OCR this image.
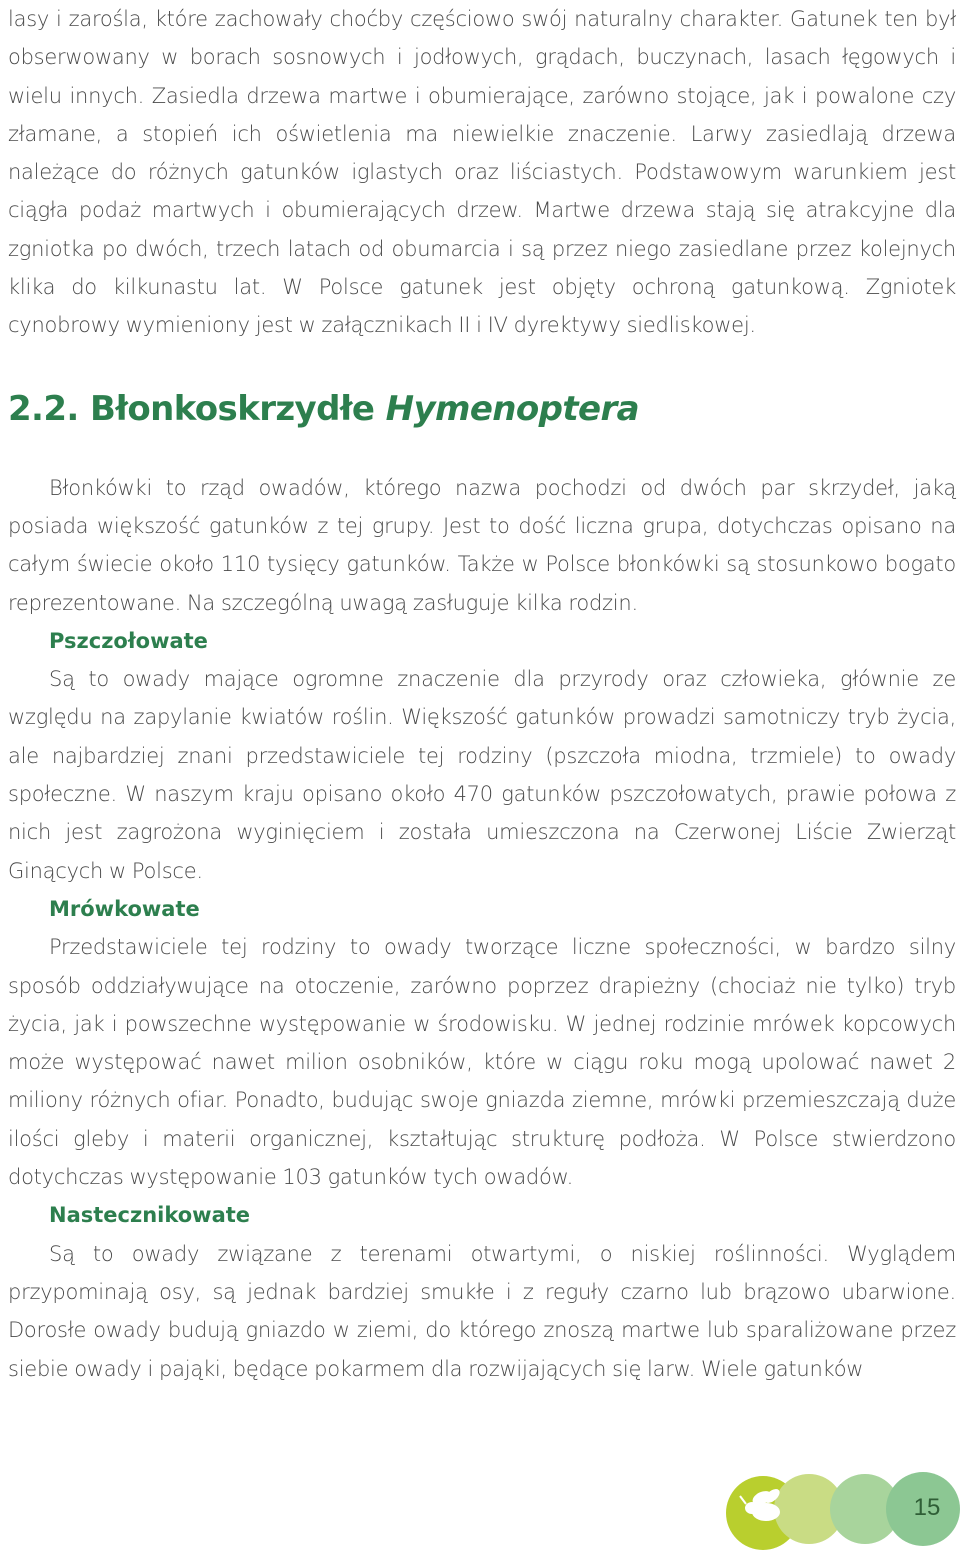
lasy i zarośla, które zachowały choćby częściowo swój naturalny charakter. Gatunek ten był obserwowany w borach sosnowych i jodłowych, grądach, buczynach, lasach łęgowych i wielu innych. Zasiedla drzewa martwe i obumierające, zarówno stojące, jak i powalone czy złamane, a stopień ich oświetlenia ma niewielkie znaczenie. Larwy zasiedlają drzewa należące do różnych gatunków iglastych oraz liściastych. Podstawowym warunkiem jest ciągła podaż martwych i obumierających drzew. Martwe drzewa stają się atrakcyjne dla zgniotka po dwóch, trzech latach od obumarcia i są przez niego zasiedlane przez kolejnych klika do kilkunastu lat. W Polsce gatunek jest objęty ochroną gatunkową. Zgniotek cynobrowy wymieniony jest w załącznikach II i IV dyrektywy siedliskowej.

2.2. Błonkoskrzydłe Hymenoptera

Błonkówki to rząd owadów, którego nazwa pochodzi od dwóch par skrzydeł, jaką posiada większość gatunków z tej grupy. Jest to dość liczna grupa, dotychczas opisano na całym świecie około 110 tysięcy gatunków. Także w Polsce błonkówki są stosunkowo bogato reprezentowane. Na szczególną uwagą zasługuje kilka rodzin.

Pszczołowate

Są to owady mające ogromne znaczenie dla przyrody oraz człowieka, głównie ze względu na zapylanie kwiatów roślin. Większość gatunków prowadzi samotniczy tryb życia, ale najbardziej znani przedstawiciele tej rodziny (pszczoła miodna, trzmiele) to owady społeczne. W naszym kraju opisano około 470 gatunków pszczołowatych, prawie połowa z nich jest zagrożona wyginięciem i została umieszczona na Czerwonej Liście Zwierząt Ginących w Polsce.

Mrówkowate

Przedstawiciele tej rodziny to owady tworzące liczne społeczności, w bardzo silny sposób oddziaływujące na otoczenie, zarówno poprzez drapieżny (chociaż nie tylko) tryb życia, jak i powszechne występowanie w środowisku. W jednej rodzinie mrówek kopcowych może występować nawet milion osobników, które w ciągu roku mogą upolować nawet 2 miliony różnych ofiar. Ponadto, budując swoje gniazda ziemne, mrówki przemieszczają duże ilości gleby i materii organicznej, kształtując strukturę podłoża. W Polsce stwierdzono dotychczas występowanie 103 gatunków tych owadów.

Nastecznikowate

Są to owady związane z terenami otwartymi, o niskiej roślinności. Wyglądem przypominają osy, są jednak bardziej smukłe i z reguły czarno lub brązowo ubarwione. Dorosłe owady budują gniazdo w ziemi, do którego znoszą martwe lub sparaliżowane przez siebie owady i pająki, będące pokarmem dla rozwijających się larw. Wiele gatunków

15
